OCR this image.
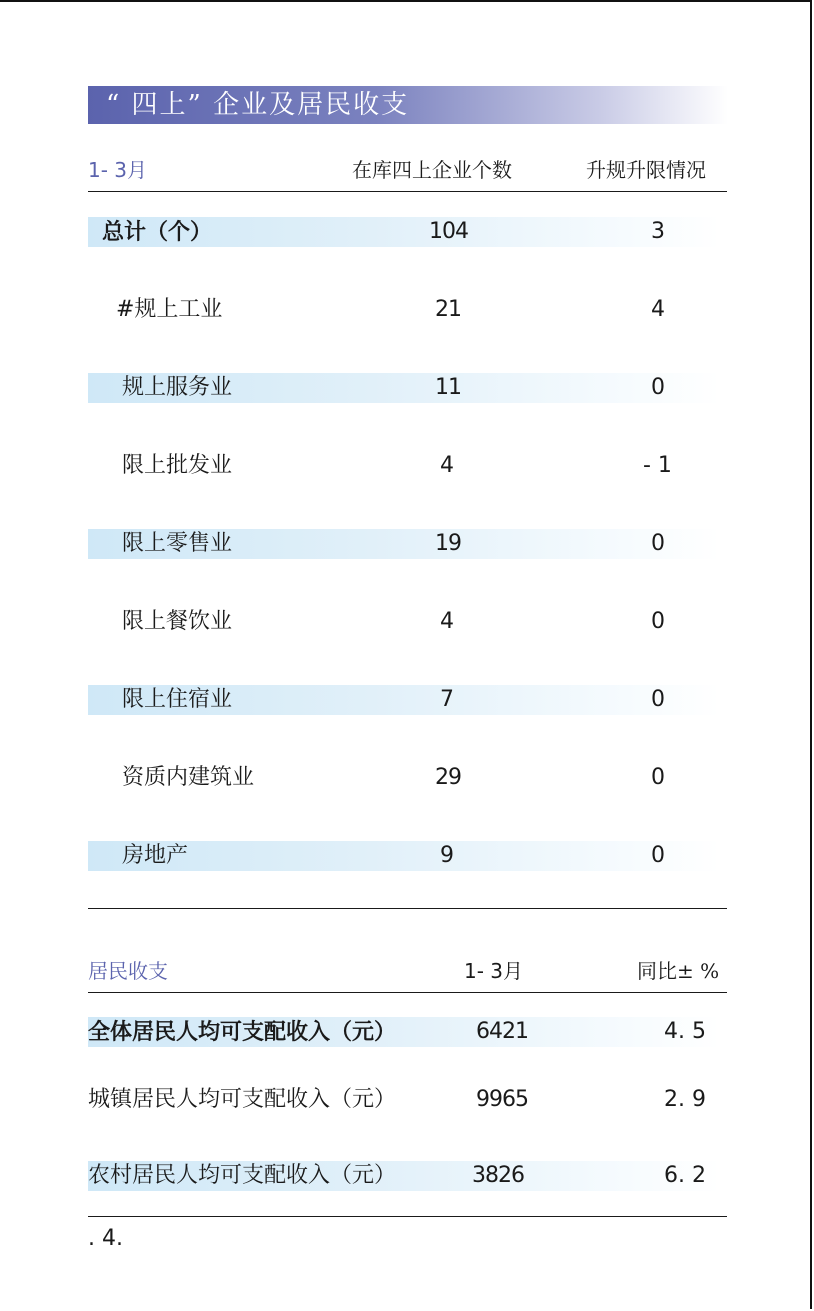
“ 四上” 企业及居民收支
1- 3月	在库四上企业个数	升规升限情况
总计（个）	104	3
#规上工业	21	4
规上服务业	11	0
限上批发业	4	- 1
限上零售业	19	0
限上餐饮业	4	0
限上住宿业	7	0
资质内建筑业	29	0
房地产	9	0
居民收支	1- 3月	同比± %
全体居民人均可支配收入（元）	6421	4. 5
城镇居民人均可支配收入（元）	9965	2. 9
农村居民人均可支配收入（元）	3826	6. 2
. 4.
